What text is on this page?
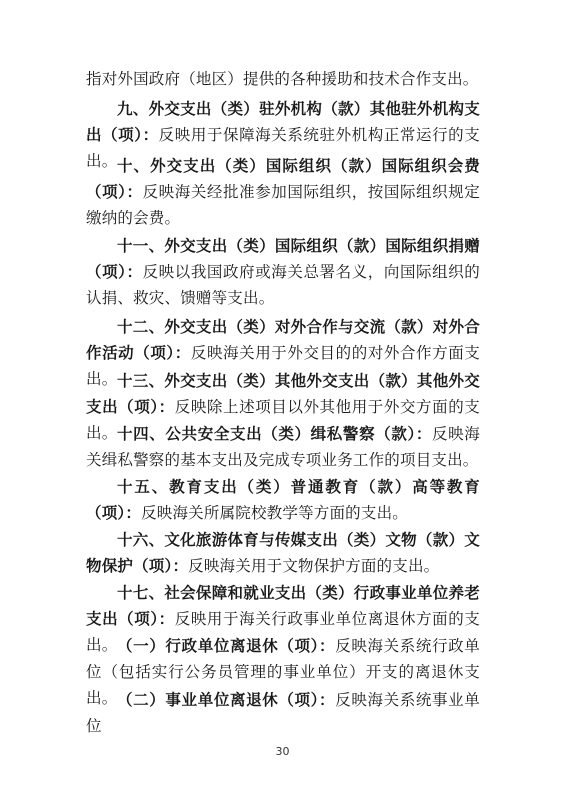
指对外国政府（地区）提供的各种援助和技术合作支出。

九、外交支出（类）驻外机构（款）其他驻外机构支出（项）：反映用于保障海关系统驻外机构正常运行的支出。 十、外交支出（类）国际组织（款）国际组织会费（项）：反映海关经批准参加国际组织，按国际组织规定缴纳的会费。

十一、外交支出（类）国际组织（款）国际组织捐赠（项）：反映以我国政府或海关总署名义，向国际组织的认捐、救灾、馈赠等支出。

十二、外交支出（类）对外合作与交流（款）对外合作活动（项）：反映海关用于外交目的的对外合作方面支出。 十三、外交支出（类）其他外交支出（款）其他外交支出（项）：反映除上述项目以外其他用于外交方面的支出。 十四、公共安全支出（类）缉私警察（款）：反映海关缉私警察的基本支出及完成专项业务工作的项目支出。

十五、教育支出（类）普通教育（款）高等教育（项）：反映海关所属院校教学等方面的支出。

十六、文化旅游体育与传媒支出（类）文物（款）文物保护（项）：反映海关用于文物保护方面的支出。

十七、社会保障和就业支出（类）行政事业单位养老支出（项）：反映用于海关行政事业单位离退休方面的支出。 （一）行政单位离退休（项）：反映海关系统行政单位（包括实行公务员管理的事业单位）开支的离退休支出。 （二）事业单位离退休（项）：反映海关系统事业单位

30
